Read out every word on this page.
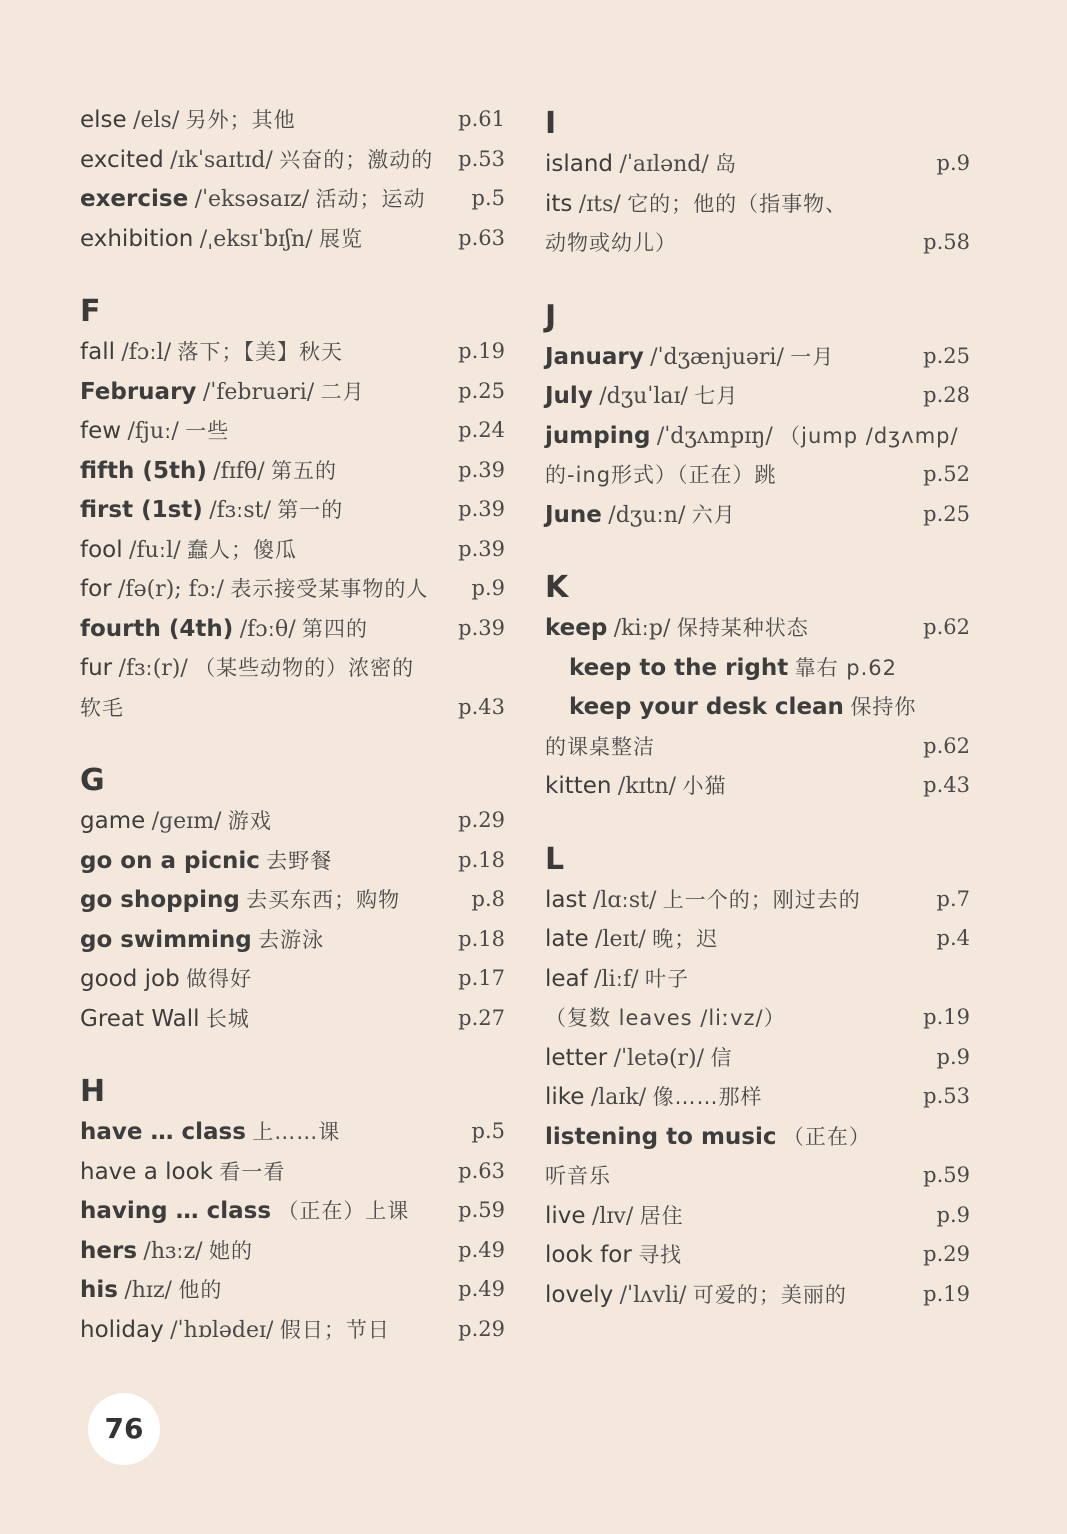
else /els/ 另外；其他	p.61
excited /ɪkˈsaɪtɪd/ 兴奋的；激动的 p.53
exercise /ˈeksəsaɪz/ 活动；运动 p.5
exhibition /ˌeksɪˈbɪʃn/ 展览	p.63
F
fall /fɔːl/ 落下；【美】秋天	p.19
February /ˈfebruəri/ 二月	p.25
few /fjuː/ 一些	p.24
fifth (5th) /fɪfθ/ 第五的	p.39
first (1st) /fɜːst/ 第一的	p.39
fool /fuːl/ 蠢人；傻瓜	p.39
for /fə(r); fɔː/ 表示接受某事物的人 p.9
fourth (4th) /fɔːθ/ 第四的	p.39
fur /fɜː(r)/ （某些动物的）浓密的
软毛	p.43
G
game /ɡeɪm/ 游戏	p.29
go on a picnic 去野餐	p.18
go shopping 去买东西；购物	p.8
go swimming 去游泳	p.18
good job 做得好	p.17
Great Wall 长城	p.27
H
have … class 上……课	p.5
have a look 看一看	p.63
having … class （正在）上课 p.59
hers /hɜːz/ 她的	p.49
his /hɪz/ 他的	p.49
holiday /ˈhɒlədeɪ/ 假日；节日	p.29
I
island /ˈaɪlənd/ 岛	p.9
its /ɪts/ 它的；他的（指事物、
动物或幼儿）	p.58
J
January /ˈdʒænjuəri/ 一月	p.25
July /dʒuˈlaɪ/ 七月	p.28
jumping /ˈdʒʌmpɪŋ/ （jump /dʒʌmp/
的-ing形式）（正在）跳	p.52
June /dʒuːn/ 六月	p.25
K
keep /kiːp/ 保持某种状态	p.62
keep to the right 靠右 p.62
keep your desk clean 保持你
的课桌整洁	p.62
kitten /kɪtn/ 小猫	p.43
L
last /lɑːst/ 上一个的；刚过去的	p.7
late /leɪt/ 晚；迟	p.4
leaf /liːf/ 叶子
（复数 leaves /liːvz/）	p.19
letter /ˈletə(r)/ 信	p.9
like /laɪk/ 像……那样	p.53
listening to music （正在）
听音乐	p.59
live /lɪv/ 居住	p.9
look for 寻找	p.29
lovely /ˈlʌvli/ 可爱的；美丽的	p.19
76
